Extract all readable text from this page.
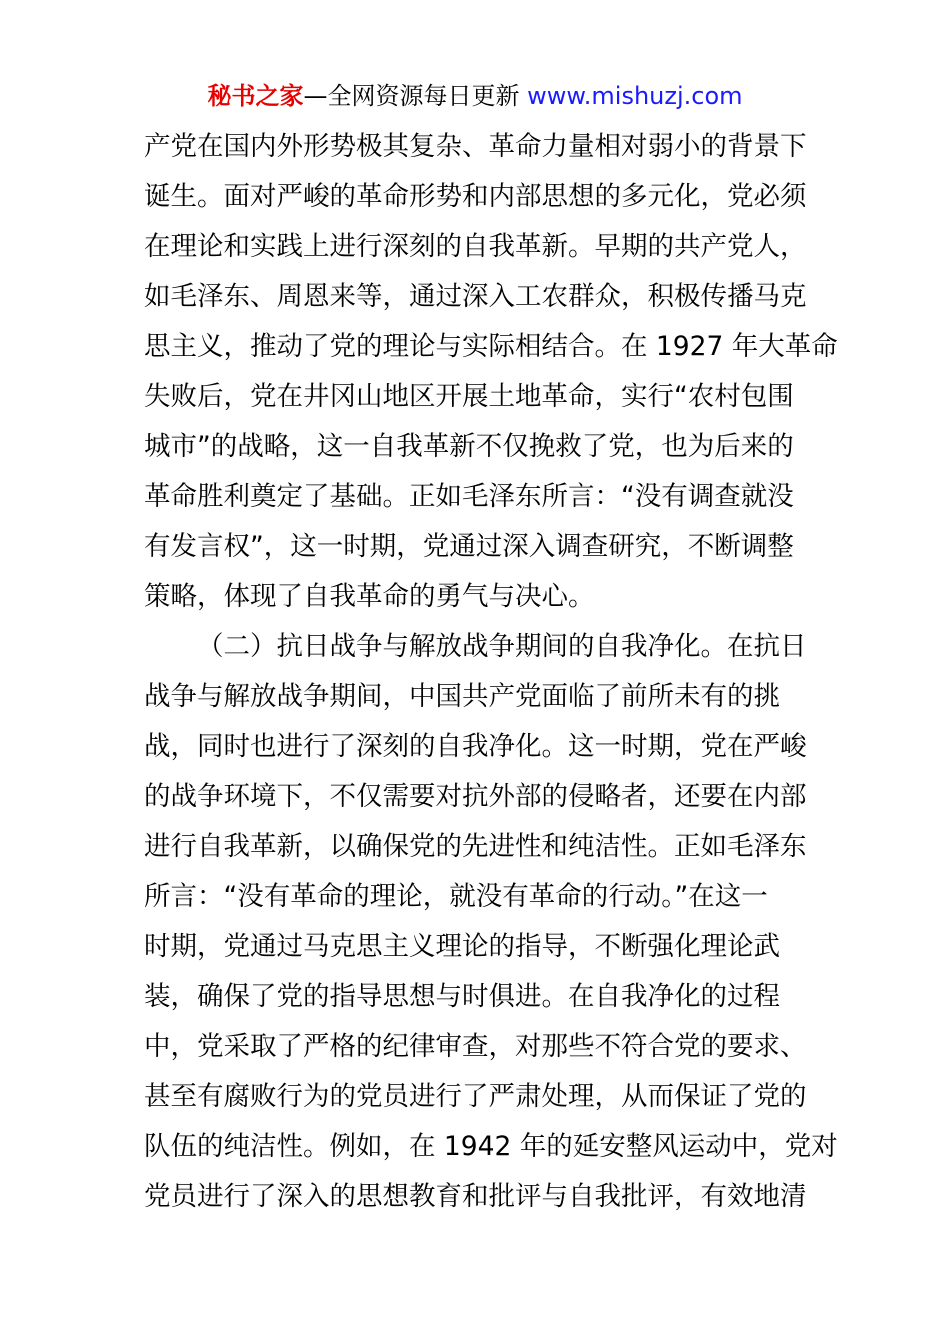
秘书之家—全网资源每日更新 www.mishuzj.com
产党在国内外形势极其复杂、革命力量相对弱小的背景下
诞生。面对严峻的革命形势和内部思想的多元化，党必须
在理论和实践上进行深刻的自我革新。早期的共产党人，
如毛泽东、周恩来等，通过深入工农群众，积极传播马克
思主义，推动了党的理论与实际相结合。在 1927 年大革命
失败后，党在井冈山地区开展土地革命，实行“农村包围
城市”的战略，这一自我革新不仅挽救了党，也为后来的
革命胜利奠定了基础。正如毛泽东所言：“没有调查就没
有发言权”，这一时期，党通过深入调查研究，不断调整
策略，体现了自我革命的勇气与决心。
（二）抗日战争与解放战争期间的自我净化。在抗日
战争与解放战争期间，中国共产党面临了前所未有的挑
战，同时也进行了深刻的自我净化。这一时期，党在严峻
的战争环境下，不仅需要对抗外部的侵略者，还要在内部
进行自我革新，以确保党的先进性和纯洁性。正如毛泽东
所言：“没有革命的理论，就没有革命的行动。”在这一
时期，党通过马克思主义理论的指导，不断强化理论武
装，确保了党的指导思想与时俱进。在自我净化的过程
中，党采取了严格的纪律审查，对那些不符合党的要求、
甚至有腐败行为的党员进行了严肃处理，从而保证了党的
队伍的纯洁性。例如，在 1942 年的延安整风运动中，党对
党员进行了深入的思想教育和批评与自我批评，有效地清
